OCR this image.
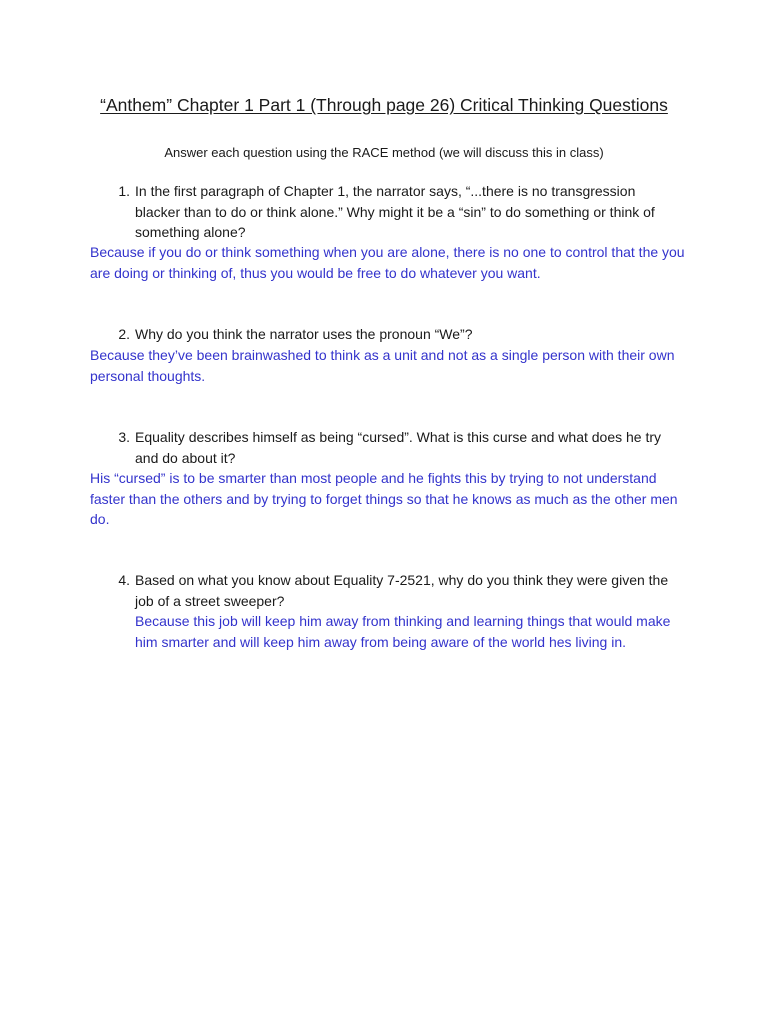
“Anthem” Chapter 1 Part 1 (Through page 26) Critical Thinking Questions
Answer each question using the RACE method (we will discuss this in class)
1. In the first paragraph of Chapter 1, the narrator says, “...there is no transgression blacker than to do or think alone.” Why might it be a “sin” to do something or think of something alone?
Because if you do or think something when you are alone, there is no one to control that the you are doing or thinking of, thus you would be free to do whatever you want.
2. Why do you think the narrator uses the pronoun “We”?
Because they’ve been brainwashed to think as a unit and not as a single person with their own personal thoughts.
3. Equality describes himself as being “cursed”. What is this curse and what does he try and do about it?
His “cursed” is to be smarter than most people and he fights this by trying to not understand faster than the others and by trying to forget things so that he knows as much as the other men do.
4. Based on what you know about Equality 7-2521, why do you think they were given the job of a street sweeper?
Because this job will keep him away from thinking and learning things that would make him smarter and will keep him away from being aware of the world hes living in.
